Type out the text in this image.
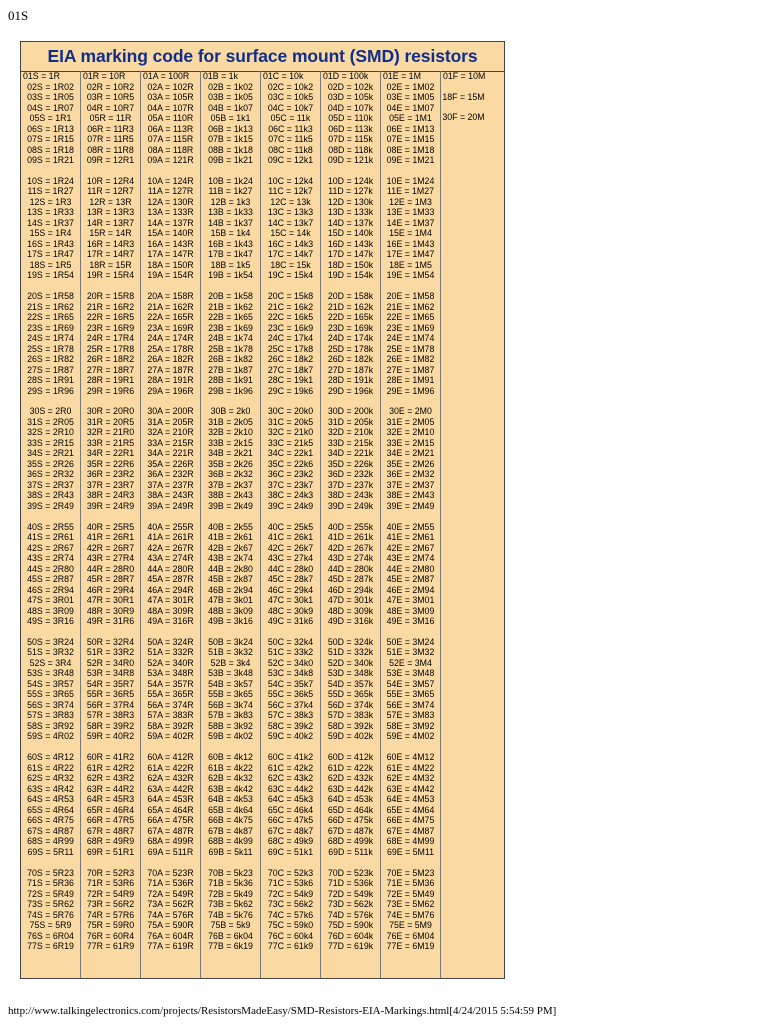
01S
EIA marking code for surface mount (SMD) resistors
01S = 1R
02S = 1R02
03S = 1R05
04S = 1R07
05S = 1R1
06S = 1R13
07S = 1R15
08S = 1R18
09S = 1R21
10S = 1R24
11S = 1R27
12S = 1R3
13S = 1R33
14S = 1R37
15S = 1R4
16S = 1R43
17S = 1R47
18S = 1R5
19S = 1R54
20S = 1R58
21S = 1R62
22S = 1R65
23S = 1R69
24S = 1R74
25S = 1R78
26S = 1R82
27S = 1R87
28S = 1R91
29S = 1R96
30S = 2R0
31S = 2R05
32S = 2R10
33S = 2R15
34S = 2R21
35S = 2R26
36S = 2R32
37S = 2R37
38S = 2R43
39S = 2R49
40S = 2R55
41S = 2R61
42S = 2R67
43S = 2R74
44S = 2R80
45S = 2R87
46S = 2R94
47S = 3R01
48S = 3R09
49S = 3R16
50S = 3R24
51S = 3R32
52S = 3R4
53S = 3R48
54S = 3R57
55S = 3R65
56S = 3R74
57S = 3R83
58S = 3R92
59S = 4R02
60S = 4R12
61S = 4R22
62S = 4R32
63S = 4R42
64S = 4R53
65S = 4R64
66S = 4R75
67S = 4R87
68S = 4R99
69S = 5R11
70S = 5R23
71S = 5R36
72S = 5R49
73S = 5R62
74S = 5R76
75S = 5R9
76S = 6R04
77S = 6R19
01R = 10R
02R = 10R2
03R = 10R5
04R = 10R7
05R = 11R
06R = 11R3
07R = 11R5
08R = 11R8
09R = 12R1
10R = 12R4
11R = 12R7
12R = 13R
13R = 13R3
14R = 13R7
15R = 14R
16R = 14R3
17R = 14R7
18R = 15R
19R = 15R4
20R = 15R8
21R = 16R2
22R = 16R5
23R = 16R9
24R = 17R4
25R = 17R8
26R = 18R2
27R = 18R7
28R = 19R1
29R = 19R6
30R = 20R0
31R = 20R5
32R = 21R0
33R = 21R5
34R = 22R1
35R = 22R6
36R = 23R2
37R = 23R7
38R = 24R3
39R = 24R9
40R = 25R5
41R = 26R1
42R = 26R7
43R = 27R4
44R = 28R0
45R = 28R7
46R = 29R4
47R = 30R1
48R = 30R9
49R = 31R6
50R = 32R4
51R = 33R2
52R = 34R0
53R = 34R8
54R = 35R7
55R = 36R5
56R = 37R4
57R = 38R3
58R = 39R2
59R = 40R2
60R = 41R2
61R = 42R2
62R = 43R2
63R = 44R2
64R = 45R3
65R = 46R4
66R = 47R5
67R = 48R7
68R = 49R9
69R = 51R1
70R = 52R3
71R = 53R6
72R = 54R9
73R = 56R2
74R = 57R6
75R = 59R0
76R = 60R4
77R = 61R9
01A = 100R
02A = 102R
03A = 105R
04A = 107R
05A = 110R
06A = 113R
07A = 115R
08A = 118R
09A = 121R
10A = 124R
11A = 127R
12A = 130R
13A = 133R
14A = 137R
15A = 140R
16A = 143R
17A = 147R
18A = 150R
19A = 154R
20A = 158R
21A = 162R
22A = 165R
23A = 169R
24A = 174R
25A = 178R
26A = 182R
27A = 187R
28A = 191R
29A = 196R
30A = 200R
31A = 205R
32A = 210R
33A = 215R
34A = 221R
35A = 226R
36A = 232R
37A = 237R
38A = 243R
39A = 249R
40A = 255R
41A = 261R
42A = 267R
43A = 274R
44A = 280R
45A = 287R
46A = 294R
47A = 301R
48A = 309R
49A = 316R
50A = 324R
51A = 332R
52A = 340R
53A = 348R
54A = 357R
55A = 365R
56A = 374R
57A = 383R
58A = 392R
59A = 402R
60A = 412R
61A = 422R
62A = 432R
63A = 442R
64A = 453R
65A = 464R
66A = 475R
67A = 487R
68A = 499R
69A = 511R
70A = 523R
71A = 536R
72A = 549R
73A = 562R
74A = 576R
75A = 590R
76A = 604R
77A = 619R
01B = 1k
02B = 1k02
03B = 1k05
04B = 1k07
05B = 1k1
06B = 1k13
07B = 1k15
08B = 1k18
09B = 1k21
10B = 1k24
11B = 1k27
12B = 1k3
13B = 1k33
14B = 1k37
15B = 1k4
16B = 1k43
17B = 1k47
18B = 1k5
19B = 1k54
20B = 1k58
21B = 1k62
22B = 1k65
23B = 1k69
24B = 1k74
25B = 1k78
26B = 1k82
27B = 1k87
28B = 1k91
29B = 1k96
30B = 2k0
31B = 2k05
32B = 2k10
33B = 2k15
34B = 2k21
35B = 2k26
36B = 2k32
37B = 2k37
38B = 2k43
39B = 2k49
40B = 2k55
41B = 2k61
42B = 2k67
43B = 2k74
44B = 2k80
45B = 2k87
46B = 2k94
47B = 3k01
48B = 3k09
49B = 3k16
50B = 3k24
51B = 3k32
52B = 3k4
53B = 3k48
54B = 3k57
55B = 3k65
56B = 3k74
57B = 3k83
58B = 3k92
59B = 4k02
60B = 4k12
61B = 4k22
62B = 4k32
63B = 4k42
64B = 4k53
65B = 4k64
66B = 4k75
67B = 4k87
68B = 4k99
69B = 5k11
70B = 5k23
71B = 5k36
72B = 5k49
73B = 5k62
74B = 5k76
75B = 5k9
76B = 6k04
77B = 6k19
01C = 10k
02C = 10k2
03C = 10k5
04C = 10k7
05C = 11k
06C = 11k3
07C = 11k5
08C = 11k8
09C = 12k1
10C = 12k4
11C = 12k7
12C = 13k
13C = 13k3
14C = 13k7
15C = 14k
16C = 14k3
17C = 14k7
18C = 15k
19C = 15k4
20C = 15k8
21C = 16k2
22C = 16k5
23C = 16k9
24C = 17k4
25C = 17k8
26C = 18k2
27C = 18k7
28C = 19k1
29C = 19k6
30C = 20k0
31C = 20k5
32C = 21k0
33C = 21k5
34C = 22k1
35C = 22k6
36C = 23k2
37C = 23k7
38C = 24k3
39C = 24k9
40C = 25k5
41C = 26k1
42C = 26k7
43C = 27k4
44C = 28k0
45C = 28k7
46C = 29k4
47C = 30k1
48C = 30k9
49C = 31k6
50C = 32k4
51C = 33k2
52C = 34k0
53C = 34k8
54C = 35k7
55C = 36k5
56C = 37k4
57C = 38k3
58C = 39k2
59C = 40k2
60C = 41k2
61C = 42k2
62C = 43k2
63C = 44k2
64C = 45k3
65C = 46k4
66C = 47k5
67C = 48k7
68C = 49k9
69C = 51k1
70C = 52k3
71C = 53k6
72C = 54k9
73C = 56k2
74C = 57k6
75C = 59k0
76C = 60k4
77C = 61k9
01D = 100k
02D = 102k
03D = 105k
04D = 107k
05D = 110k
06D = 113k
07D = 115k
08D = 118k
09D = 121k
10D = 124k
11D = 127k
12D = 130k
13D = 133k
14D = 137k
15D = 140k
16D = 143k
17D = 147k
18D = 150k
19D = 154k
20D = 158k
21D = 162k
22D = 165k
23D = 169k
24D = 174k
25D = 178k
26D = 182k
27D = 187k
28D = 191k
29D = 196k
30D = 200k
31D = 205k
32D = 210k
33D = 215k
34D = 221k
35D = 226k
36D = 232k
37D = 237k
38D = 243k
39D = 249k
40D = 255k
41D = 261k
42D = 267k
43D = 274k
44D = 280k
45D = 287k
46D = 294k
47D = 301k
48D = 309k
49D = 316k
50D = 324k
51D = 332k
52D = 340k
53D = 348k
54D = 357k
55D = 365k
56D = 374k
57D = 383k
58D = 392k
59D = 402k
60D = 412k
61D = 422k
62D = 432k
63D = 442k
64D = 453k
65D = 464k
66D = 475k
67D = 487k
68D = 499k
69D = 511k
70D = 523k
71D = 536k
72D = 549k
73D = 562k
74D = 576k
75D = 590k
76D = 604k
77D = 619k
01E = 1M
02E = 1M02
03E = 1M05
04E = 1M07
05E = 1M1
06E = 1M13
07E = 1M15
08E = 1M18
09E = 1M21
10E = 1M24
11E = 1M27
12E = 1M3
13E = 1M33
14E = 1M37
15E = 1M4
16E = 1M43
17E = 1M47
18E = 1M5
19E = 1M54
20E = 1M58
21E = 1M62
22E = 1M65
23E = 1M69
24E = 1M74
25E = 1M78
26E = 1M82
27E = 1M87
28E = 1M91
29E = 1M96
30E = 2M0
31E = 2M05
32E = 2M10
33E = 2M15
34E = 2M21
35E = 2M26
36E = 2M32
37E = 2M37
38E = 2M43
39E = 2M49
40E = 2M55
41E = 2M61
42E = 2M67
43E = 2M74
44E = 2M80
45E = 2M87
46E = 2M94
47E = 3M01
48E = 3M09
49E = 3M16
50E = 3M24
51E = 3M32
52E = 3M4
53E = 3M48
54E = 3M57
55E = 3M65
56E = 3M74
57E = 3M83
58E = 3M92
59E = 4M02
60E = 4M12
61E = 4M22
62E = 4M32
63E = 4M42
64E = 4M53
65E = 4M64
66E = 4M75
67E = 4M87
68E = 4M99
69E = 5M11
70E = 5M23
71E = 5M36
72E = 5M49
73E = 5M62
74E = 5M76
75E = 5M9
76E = 6M04
77E = 6M19
01F = 10M
18F = 15M
30F = 20M
http://www.talkingelectronics.com/projects/ResistorsMadeEasy/SMD-Resistors-EIA-Markings.html[4/24/2015 5:54:59 PM]
